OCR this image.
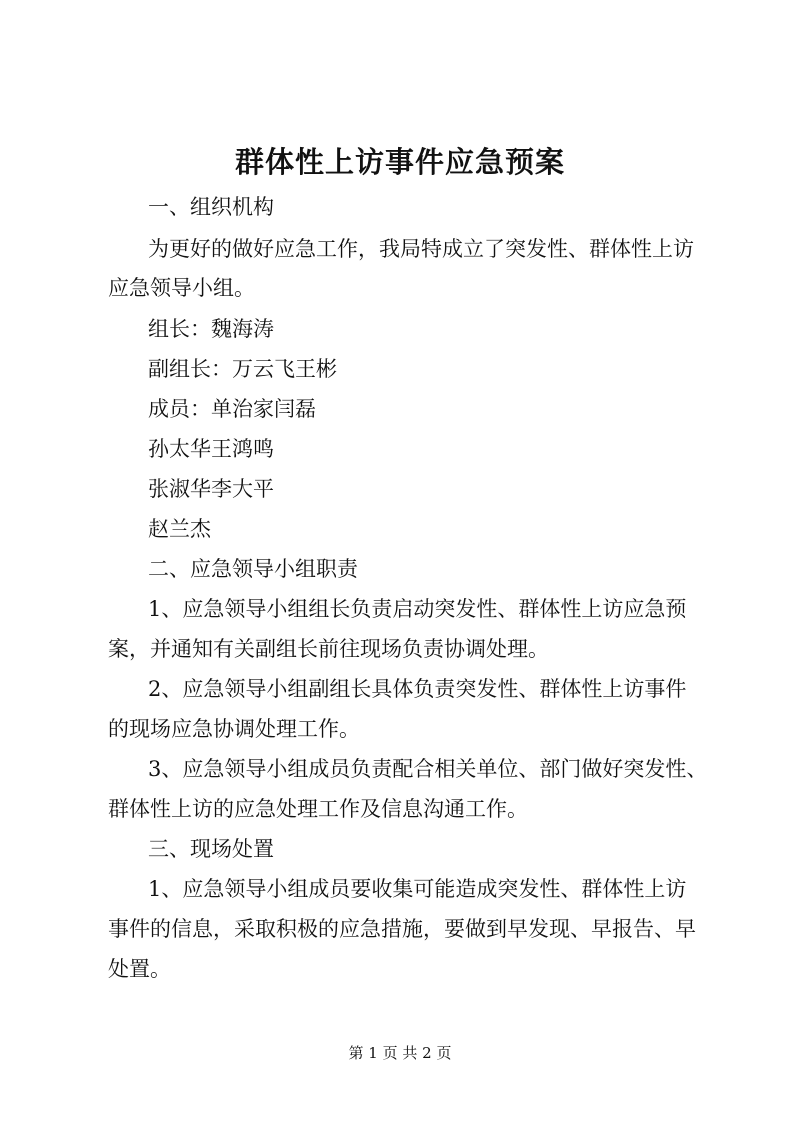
群体性上访事件应急预案
一、组织机构
为更好的做好应急工作，我局特成立了突发性、群体性上访
应急领导小组。
组长：魏海涛
副组长：万云飞王彬
成员：单治家闫磊
孙太华王鸿鸣
张淑华李大平
赵兰杰
二、应急领导小组职责
1、应急领导小组组长负责启动突发性、群体性上访应急预
案，并通知有关副组长前往现场负责协调处理。
2、应急领导小组副组长具体负责突发性、群体性上访事件
的现场应急协调处理工作。
3、应急领导小组成员负责配合相关单位、部门做好突发性、
群体性上访的应急处理工作及信息沟通工作。
三、现场处置
1、应急领导小组成员要收集可能造成突发性、群体性上访
事件的信息，采取积极的应急措施，要做到早发现、早报告、早
处置。
第 1 页 共 2 页
